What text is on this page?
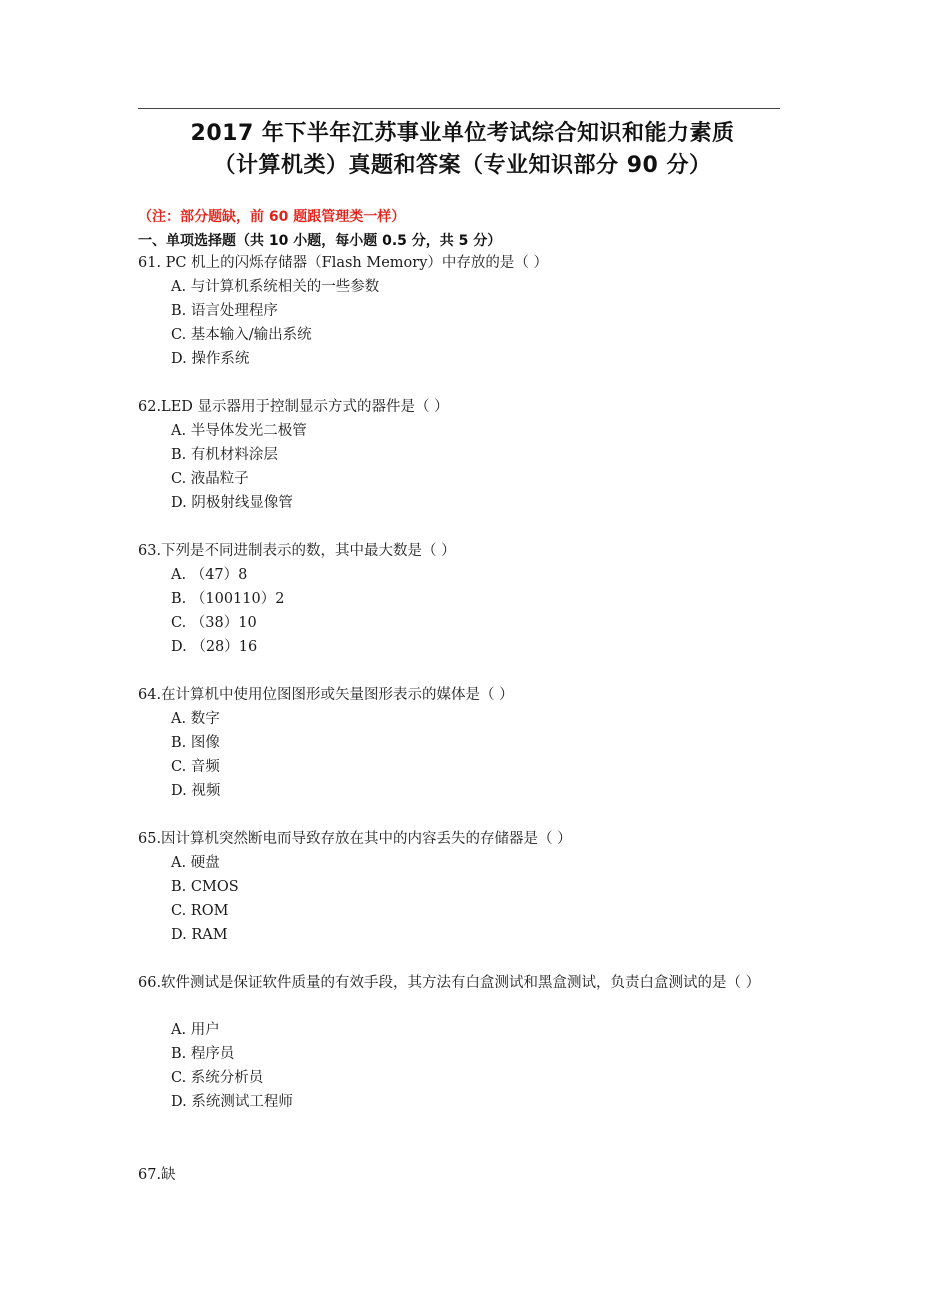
2017 年下半年江苏事业单位考试综合知识和能力素质
（计算机类）真题和答案（专业知识部分 90 分）
（注：部分题缺，前 60 题跟管理类一样）
一、单项选择题（共 10 小题，每小题 0.5 分，共 5 分）
61. PC 机上的闪烁存储器（Flash Memory）中存放的是（ ）
A. 与计算机系统相关的一些参数
B. 语言处理程序
C. 基本输入/输出系统
D. 操作系统
62.LED 显示器用于控制显示方式的器件是（ ）
A. 半导体发光二极管
B. 有机材料涂层
C. 液晶粒子
D. 阴极射线显像管
63.下列是不同进制表示的数，其中最大数是（ ）
A. （47）8
B. （100110）2
C. （38）10
D. （28）16
64.在计算机中使用位图图形或矢量图形表示的媒体是（ ）
A. 数字
B. 图像
C. 音频
D. 视频
65.因计算机突然断电而导致存放在其中的内容丢失的存储器是（ ）
A. 硬盘
B. CMOS
C. ROM
D. RAM
66.软件测试是保证软件质量的有效手段，其方法有白盒测试和黑盒测试，负责白盒测试的是（ ）
A. 用户
B. 程序员
C. 系统分析员
D. 系统测试工程师
67.缺
